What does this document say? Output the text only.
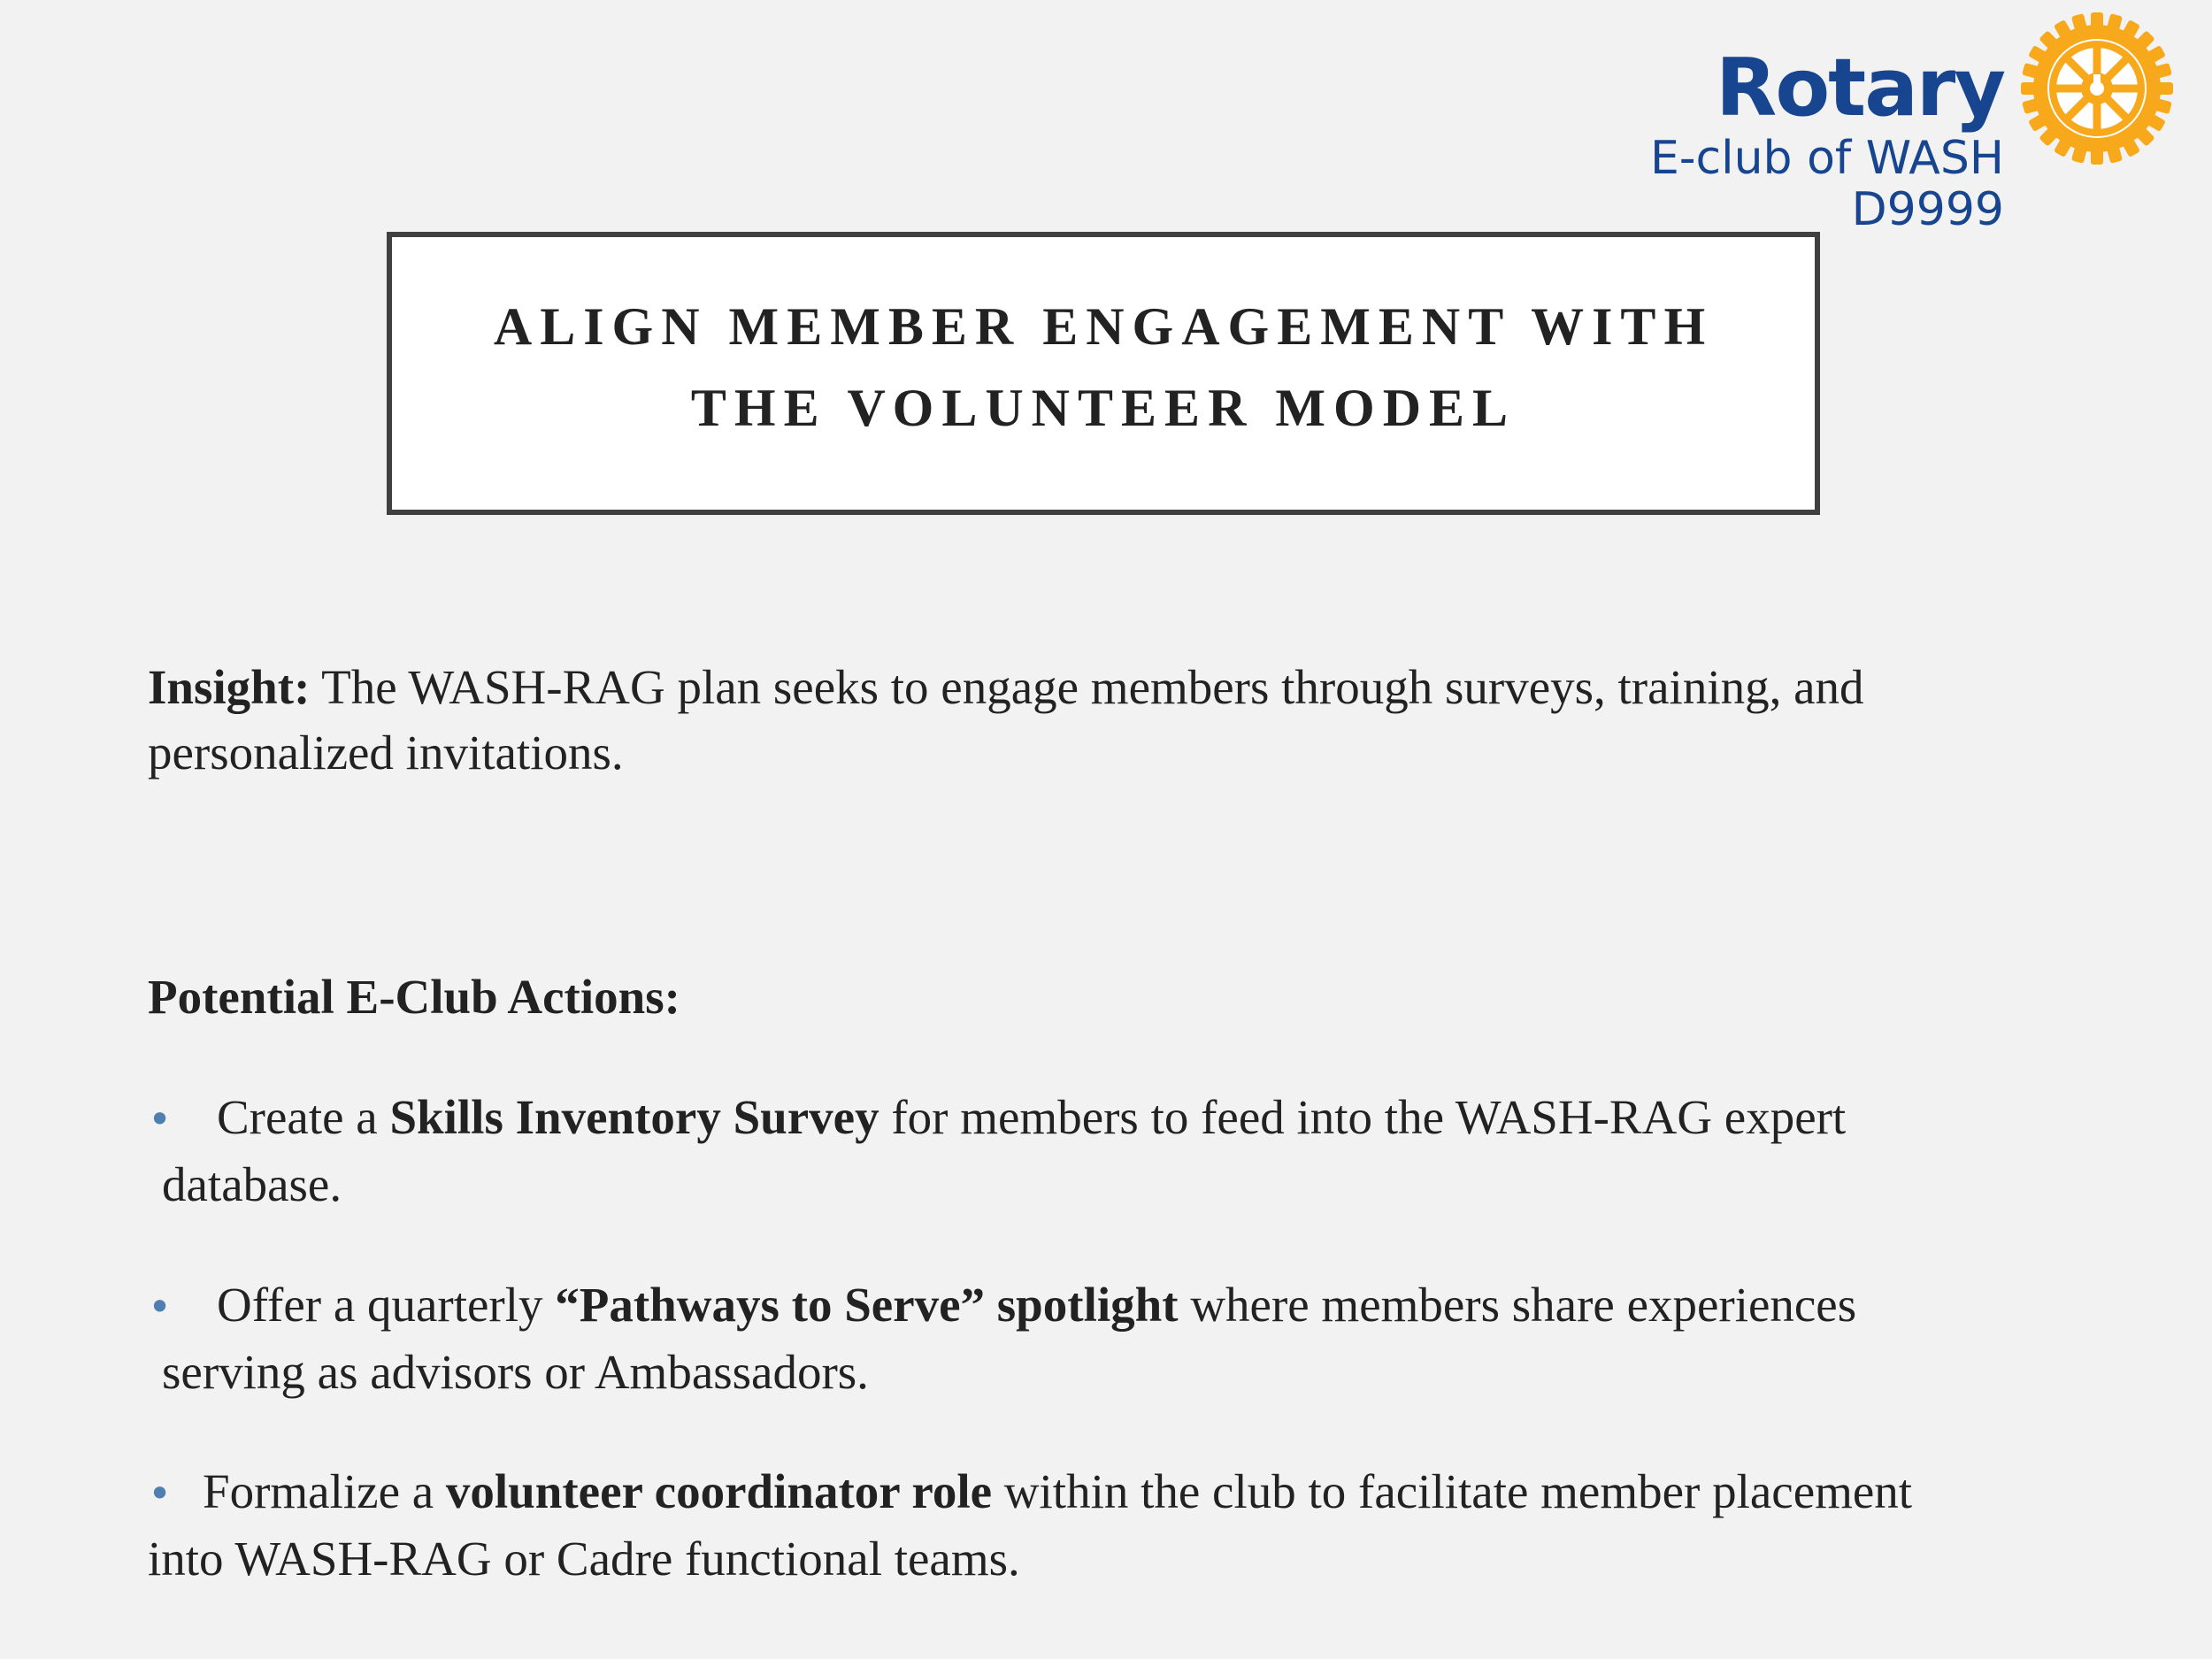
Rotary
E-club of WASH
D9999
ALIGN MEMBER ENGAGEMENT WITH
THE VOLUNTEER MODEL
Insight: The WASH-RAG plan seeks to engage members through surveys, training, and
personalized invitations.
Potential E-Club Actions:
• Create a Skills Inventory Survey for members to feed into the WASH-RAG expert
database.
• Offer a quarterly “Pathways to Serve” spotlight where members share experiences
serving as advisors or Ambassadors.
• Formalize a volunteer coordinator role within the club to facilitate member placement
into WASH-RAG or Cadre functional teams.
